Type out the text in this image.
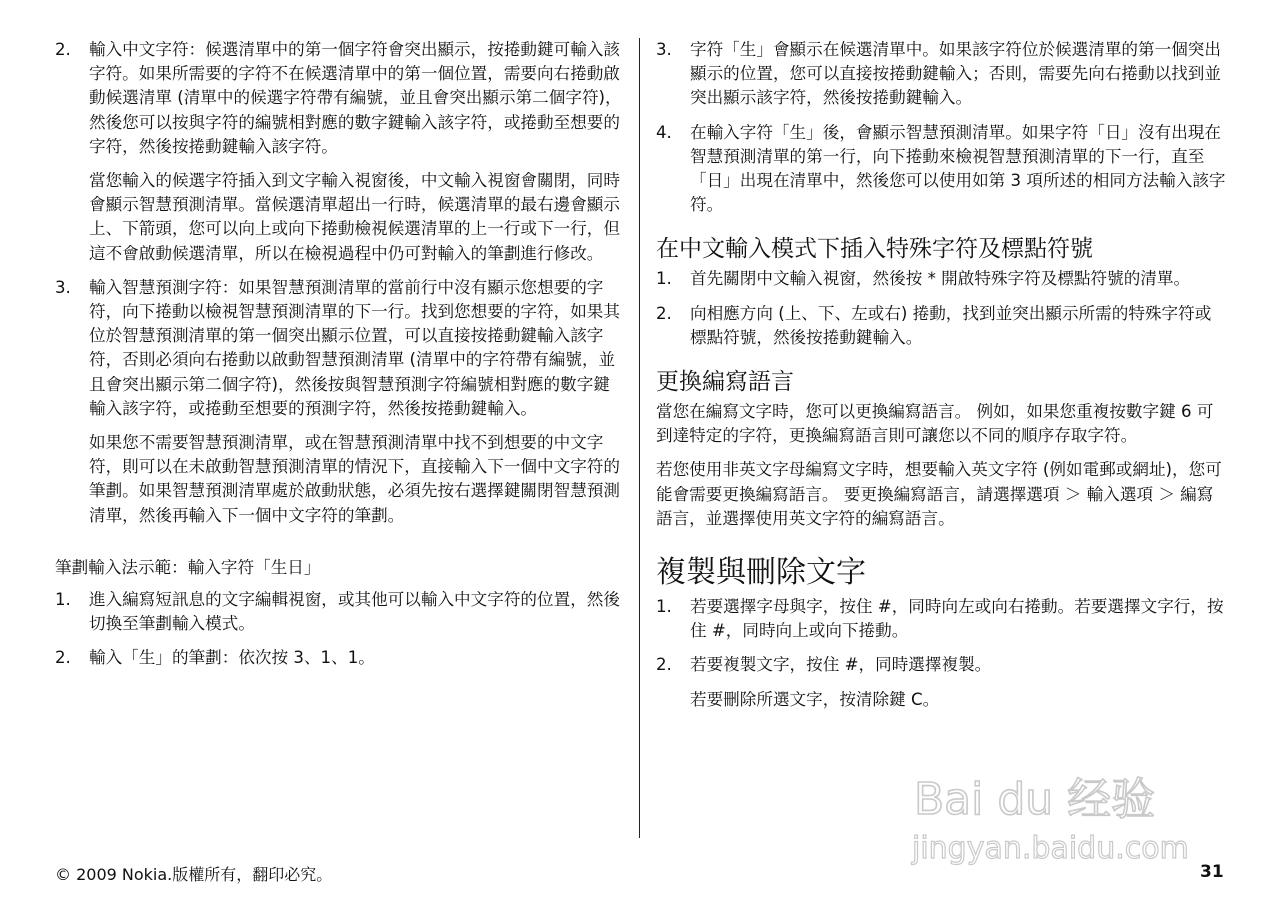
2. 輸入中文字符：候選清單中的第一個字符會突出顯示，按捲動鍵可輸入該字符。如果所需要的字符不在候選清單中的第一個位置，需要向右捲動啟動候選清單 (清單中的候選字符帶有編號，並且會突出顯示第二個字符)，然後您可以按與字符的編號相對應的數字鍵輸入該字符，或捲動至想要的字符，然後按捲動鍵輸入該字符。

當您輸入的候選字符插入到文字輸入視窗後，中文輸入視窗會關閉，同時會顯示智慧預測清單。當候選清單超出一行時，候選清單的最右邊會顯示上、下箭頭，您可以向上或向下捲動檢視候選清單的上一行或下一行，但這不會啟動候選清單，所以在檢視過程中仍可對輸入的筆劃進行修改。

3. 輸入智慧預測字符：如果智慧預測清單的當前行中沒有顯示您想要的字符，向下捲動以檢視智慧預測清單的下一行。找到您想要的字符，如果其位於智慧預測清單的第一個突出顯示位置，可以直接按捲動鍵輸入該字符，否則必須向右捲動以啟動智慧預測清單 (清單中的字符帶有編號，並且會突出顯示第二個字符)，然後按與智慧預測字符編號相對應的數字鍵輸入該字符，或捲動至想要的預測字符，然後按捲動鍵輸入。

如果您不需要智慧預測清單，或在智慧預測清單中找不到想要的中文字符，則可以在未啟動智慧預測清單的情況下，直接輸入下一個中文字符的筆劃。如果智慧預測清單處於啟動狀態，必須先按右選擇鍵關閉智慧預測清單，然後再輸入下一個中文字符的筆劃。

筆劃輸入法示範：輸入字符「生日」
1. 進入編寫短訊息的文字編輯視窗，或其他可以輸入中文字符的位置，然後切換至筆劃輸入模式。
2. 輸入「生」的筆劃：依次按 3、1、1。
3. 字符「生」會顯示在候選清單中。如果該字符位於候選清單的第一個突出顯示的位置，您可以直接按捲動鍵輸入；否則，需要先向右捲動以找到並突出顯示該字符，然後按捲動鍵輸入。
4. 在輸入字符「生」後，會顯示智慧預測清單。如果字符「日」沒有出現在智慧預測清單的第一行，向下捲動來檢視智慧預測清單的下一行，直至「日」出現在清單中，然後您可以使用如第 3 項所述的相同方法輸入該字符。
在中文輸入模式下插入特殊字符及標點符號
1. 首先關閉中文輸入視窗，然後按 * 開啟特殊字符及標點符號的清單。
2. 向相應方向 (上、下、左或右) 捲動，找到並突出顯示所需的特殊字符或標點符號，然後按捲動鍵輸入。
更換編寫語言

當您在編寫文字時，您可以更換編寫語言。 例如，如果您重複按數字鍵 6 可到達特定的字符，更換編寫語言則可讓您以不同的順序存取字符。

若您使用非英文字母編寫文字時，想要輸入英文字符 (例如電郵或網址)，您可能會需要更換編寫語言。 要更換編寫語言，請選擇選項 ＞ 輸入選項 ＞ 編寫語言，並選擇使用英文字符的編寫語言。

複製與刪除文字
1. 若要選擇字母與字，按住 #，同時向左或向右捲動。若要選擇文字行，按住 #，同時向上或向下捲動。
2. 若要複製文字，按住 #，同時選擇複製。

若要刪除所選文字，按清除鍵 C。

Bai du 经验
jingyan.baidu.com
© 2009 Nokia.版權所有，翻印必究。	31
